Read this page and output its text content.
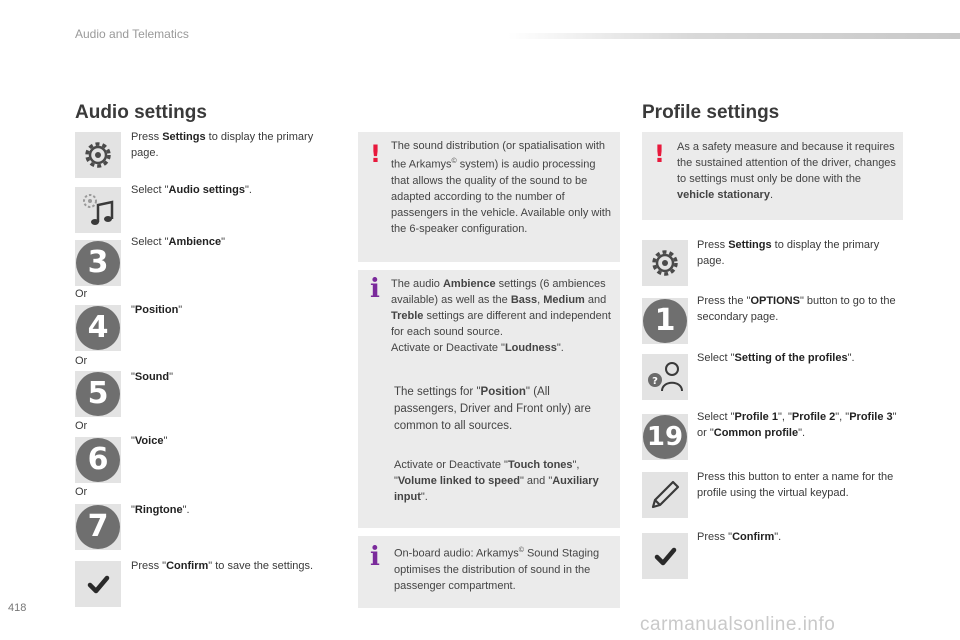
Audio and Telematics
Audio settings
Press Settings to display the primary page.
Select "Audio settings".
3
Select "Ambience"
Or
4	"Position"
Or
5	"Sound"
Or
6
"Voice"
Or
7	"Ringtone".
Press "Confirm" to save the settings.
! The sound distribution (or spatialisation with the Arkamys© system) is audio processing that allows the quality of the sound to be adapted according to the number of passengers in the vehicle. Available only with the 6-speaker configuration.
i The audio Ambience settings (6 ambiences available) as well as the Bass, Medium and Treble settings are different and independent for each sound source.
Activate or Deactivate "Loudness".
The settings for "Position" (All passengers, Driver and Front only) are common to all sources.
Activate or Deactivate "Touch tones", "Volume linked to speed" and "Auxiliary input".
i On-board audio: Arkamys© Sound Staging optimises the distribution of sound in the passenger compartment.
Profile settings
! As a safety measure and because it requires the sustained attention of the driver, changes to settings must only be done with the vehicle stationary.
Press Settings to display the primary page.
1
Press the "OPTIONS" button to go to the secondary page.
?
Select "Setting of the profiles".
19
Select "Profile 1", "Profile 2", "Profile 3" or "Common profile".
Press this button to enter a name for the profile using the virtual keypad.
Press "Confirm".
418
carmanualsonline.info
